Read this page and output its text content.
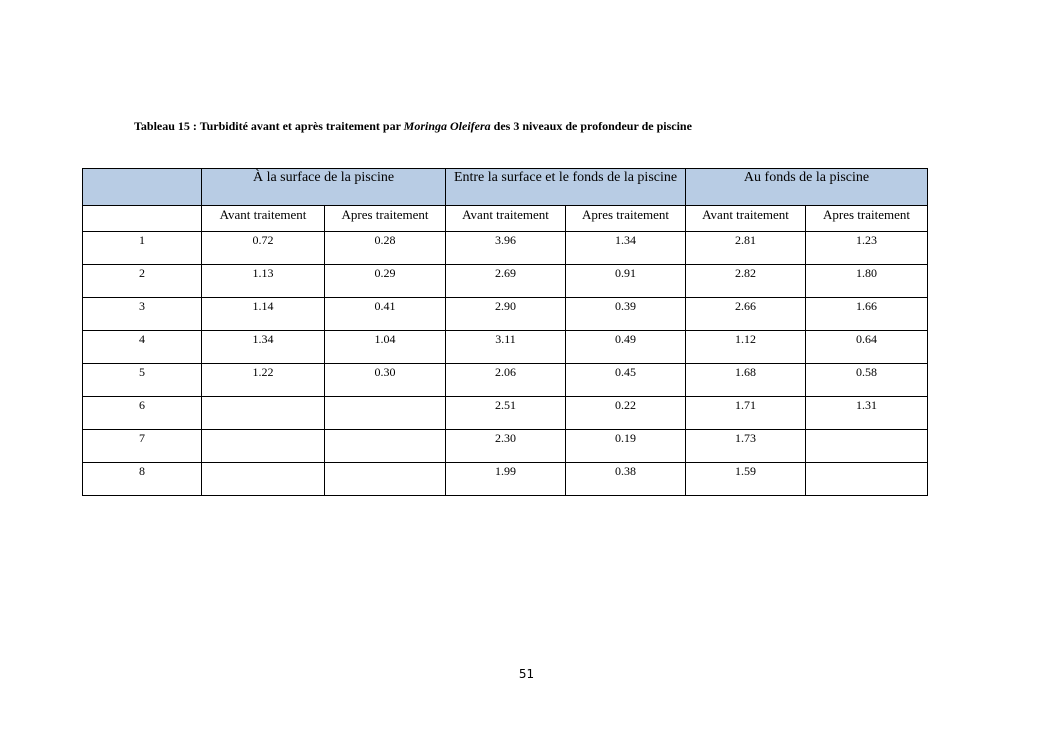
Tableau 15 : Turbidité avant et après traitement par Moringa Oleifera des 3 niveaux de profondeur de piscine
	À la surface de la piscine		Entre la surface et le fonds de la piscine		Au fonds de la piscine	
	Avant traitement	Apres traitement	Avant traitement	Apres traitement	Avant traitement	Apres traitement
1	0.72	0.28	3.96	1.34	2.81	1.23
2	1.13	0.29	2.69	0.91	2.82	1.80
3	1.14	0.41	2.90	0.39	2.66	1.66
4	1.34	1.04	3.11	0.49	1.12	0.64
5	1.22	0.30	2.06	0.45	1.68	0.58
6			2.51	0.22	1.71	1.31
7			2.30	0.19	1.73	
8			1.99	0.38	1.59	
51
